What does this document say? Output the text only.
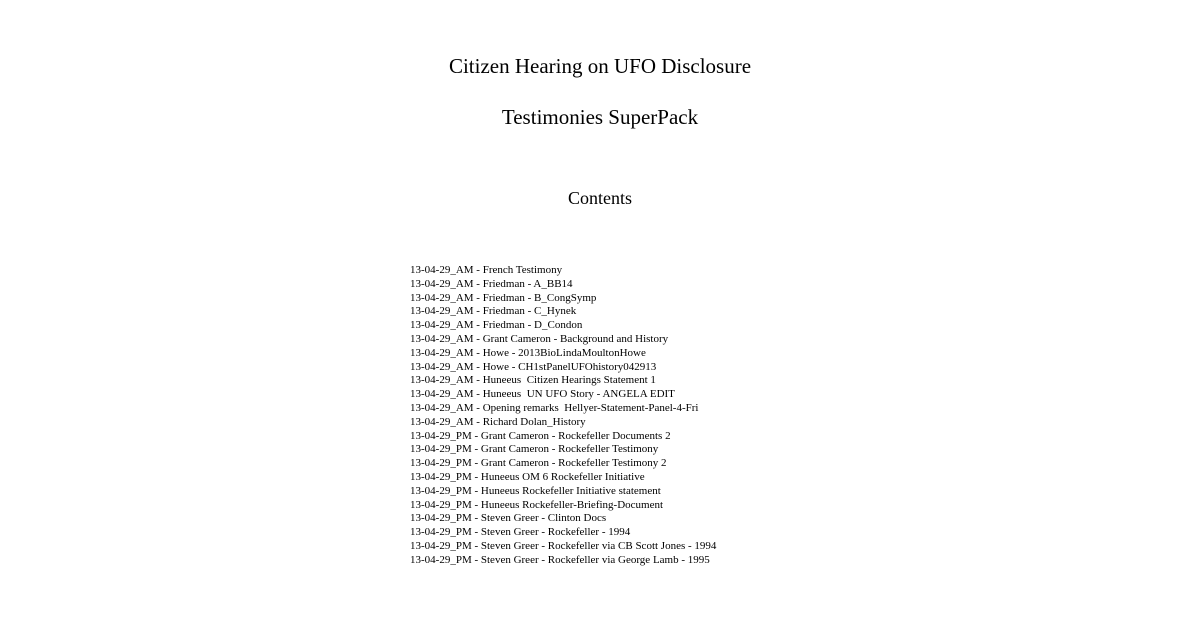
Citizen Hearing on UFO Disclosure
Testimonies SuperPack
Contents
13-04-29_AM - French Testimony
13-04-29_AM - Friedman - A_BB14
13-04-29_AM - Friedman - B_CongSymp
13-04-29_AM - Friedman - C_Hynek
13-04-29_AM - Friedman - D_Condon
13-04-29_AM - Grant Cameron - Background and History
13-04-29_AM - Howe - 2013BioLindaMoultonHowe
13-04-29_AM - Howe - CH1stPanelUFOhistory042913
13-04-29_AM - Huneeus  Citizen Hearings Statement 1
13-04-29_AM - Huneeus  UN UFO Story - ANGELA EDIT
13-04-29_AM - Opening remarks  Hellyer-Statement-Panel-4-Fri
13-04-29_AM - Richard Dolan_History
13-04-29_PM - Grant Cameron - Rockefeller Documents 2
13-04-29_PM - Grant Cameron - Rockefeller Testimony
13-04-29_PM - Grant Cameron - Rockefeller Testimony 2
13-04-29_PM - Huneeus OM 6 Rockefeller Initiative
13-04-29_PM - Huneeus Rockefeller Initiative statement
13-04-29_PM - Huneeus Rockefeller-Briefing-Document
13-04-29_PM - Steven Greer - Clinton Docs
13-04-29_PM - Steven Greer - Rockefeller - 1994
13-04-29_PM - Steven Greer - Rockefeller via CB Scott Jones - 1994
13-04-29_PM - Steven Greer - Rockefeller via George Lamb - 1995
